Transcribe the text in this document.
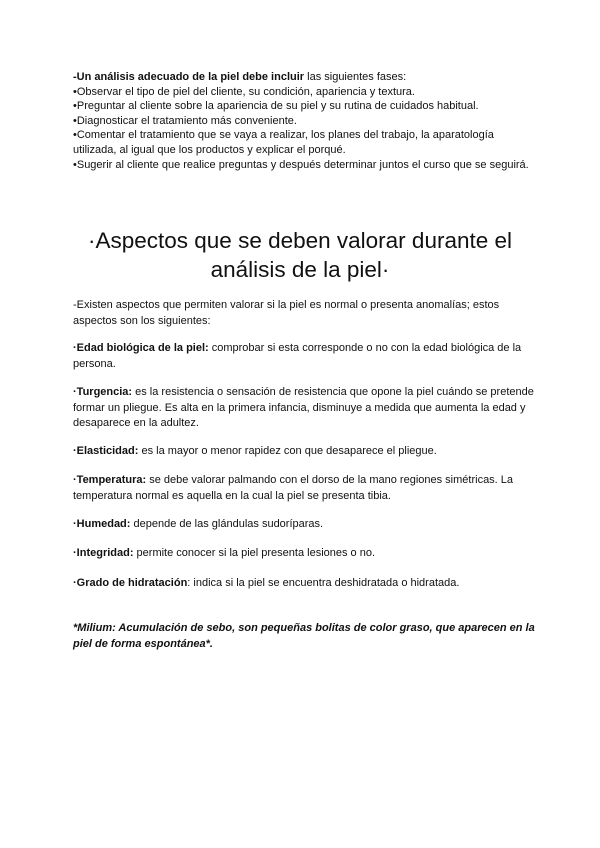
-Un análisis adecuado de la piel debe incluir las siguientes fases:

•Observar el tipo de piel del cliente, su condición, apariencia y textura.

•Preguntar al cliente sobre la apariencia de su piel y su rutina de cuidados habitual.

•Diagnosticar el tratamiento más conveniente.

•Comentar el tratamiento que se vaya a realizar, los planes del trabajo, la aparatología utilizada, al igual que los productos y explicar el porqué.

•Sugerir al cliente que realice preguntas y después determinar juntos el curso que se seguirá.

·Aspectos que se deben valorar durante el análisis de la piel·

-Existen aspectos que permiten valorar si la piel es normal o presenta anomalías; estos aspectos son los siguientes:

·Edad biológica de la piel: comprobar si esta corresponde o no con la edad biológica de la persona.

·Turgencia: es la resistencia o sensación de resistencia que opone la piel cuándo se pretende formar un pliegue. Es alta en la primera infancia, disminuye a medida que aumenta la edad y desaparece en la adultez.

·Elasticidad: es la mayor o menor rapidez con que desaparece el pliegue.

·Temperatura: se debe valorar palmando con el dorso de la mano regiones simétricas. La temperatura normal es aquella en la cual la piel se presenta tibia.

·Humedad: depende de las glándulas sudoríparas.

·Integridad: permite conocer si la piel presenta lesiones o no.

·Grado de hidratación: indica si la piel se encuentra deshidratada o hidratada.

*Milium: Acumulación de sebo, son pequeñas bolitas de color graso, que aparecen en la piel de forma espontánea*.
